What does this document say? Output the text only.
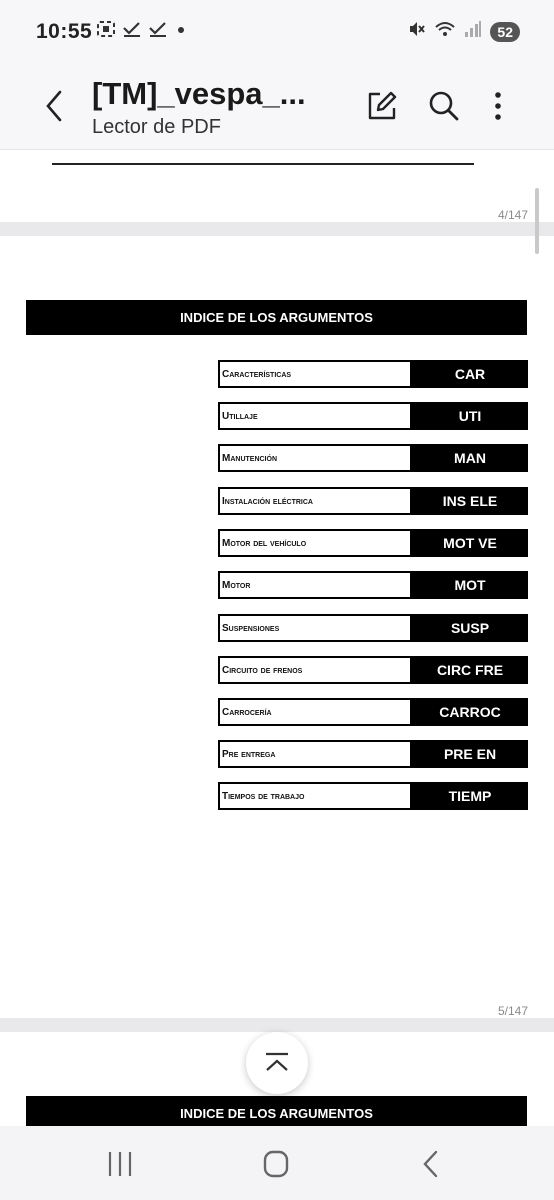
10:55	52
[TM]_vespa_...
Lector de PDF
4/147
INDICE DE LOS ARGUMENTOS
Características	CAR
Utillaje	UTI
Manutención	MAN
Instalación eléctrica	INS ELE
Motor del vehículo	MOT VE
Motor	MOT
Suspensiones	SUSP
Circuito de frenos	CIRC FRE
Carrocería	CARROC
Pre entrega	PRE EN
Tiempos de trabajo	TIEMP
5/147
INDICE DE LOS ARGUMENTOS
